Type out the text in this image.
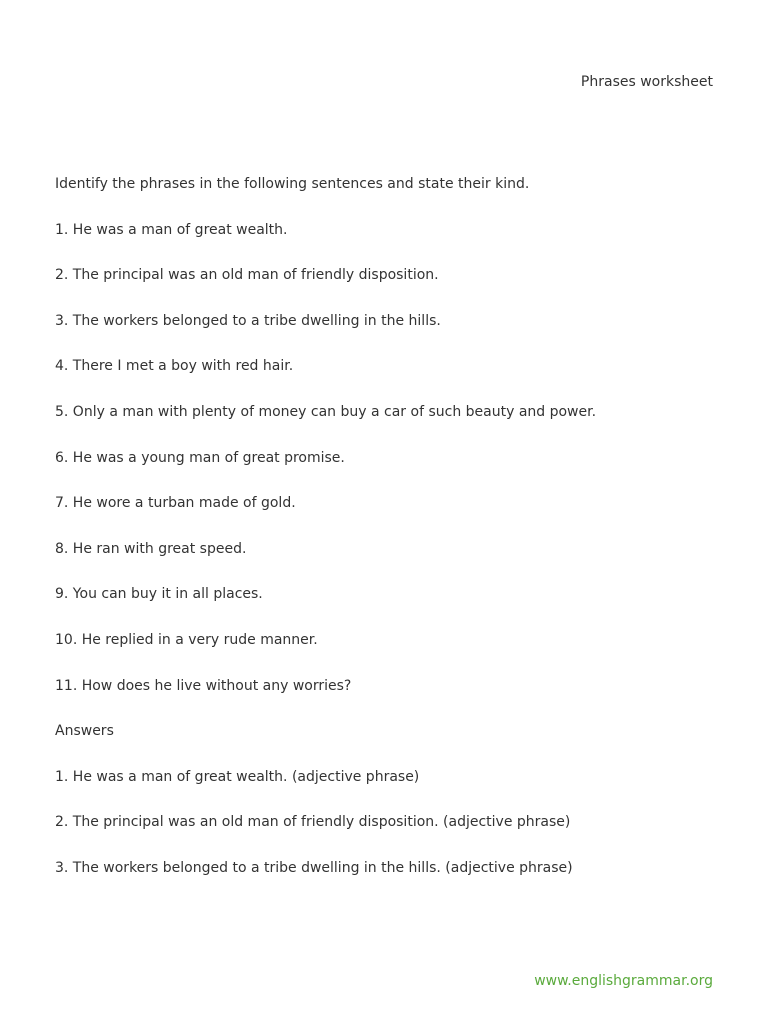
Phrases worksheet
Identify the phrases in the following sentences and state their kind.
1. He was a man of great wealth.
2. The principal was an old man of friendly disposition.
3. The workers belonged to a tribe dwelling in the hills.
4. There I met a boy with red hair.
5. Only a man with plenty of money can buy a car of such beauty and power.
6. He was a young man of great promise.
7. He wore a turban made of gold.
8. He ran with great speed.
9. You can buy it in all places.
10. He replied in a very rude manner.
11. How does he live without any worries?
Answers
1. He was a man of great wealth. (adjective phrase)
2. The principal was an old man of friendly disposition. (adjective phrase)
3. The workers belonged to a tribe dwelling in the hills. (adjective phrase)
www.englishgrammar.org
